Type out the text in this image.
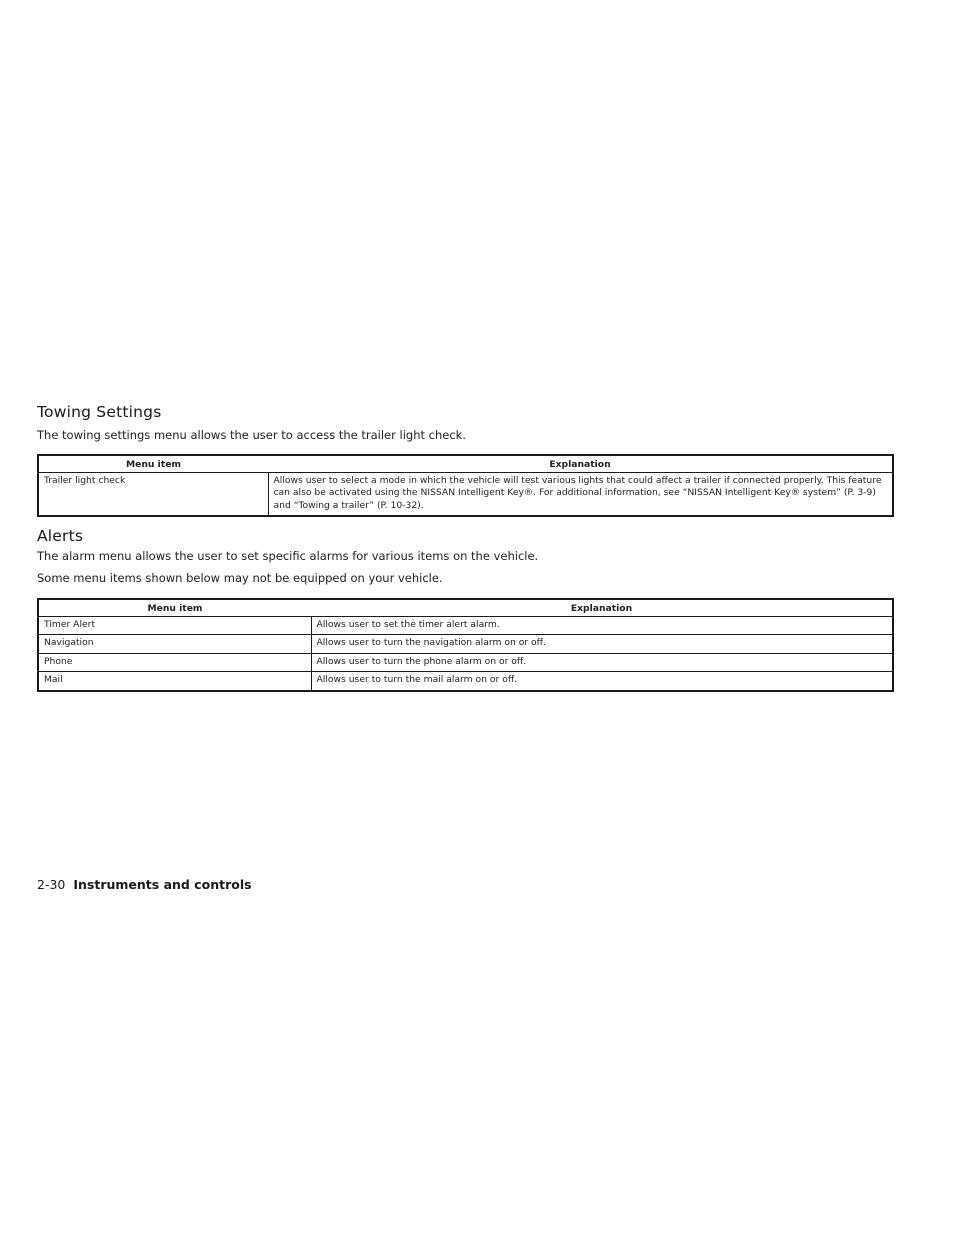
Towing Settings

The towing settings menu allows the user to access the trailer light check.

Menu item	Explanation
Trailer light check	Allows user to select a mode in which the vehicle will test various lights that could affect a trailer if connected properly. This feature can also be activated using the NISSAN Intelligent Key®. For additional information, see “NISSAN Intelligent Key® system” (P. 3-9) and “Towing a trailer” (P. 10-32).
Alerts

The alarm menu allows the user to set specific alarms for various items on the vehicle.

Some menu items shown below may not be equipped on your vehicle.

Menu item	Explanation
Timer Alert	Allows user to set the timer alert alarm.
Navigation	Allows user to turn the navigation alarm on or off.
Phone	Allows user to turn the phone alarm on or off.
Mail	Allows user to turn the mail alarm on or off.
2-30 Instruments and controls
